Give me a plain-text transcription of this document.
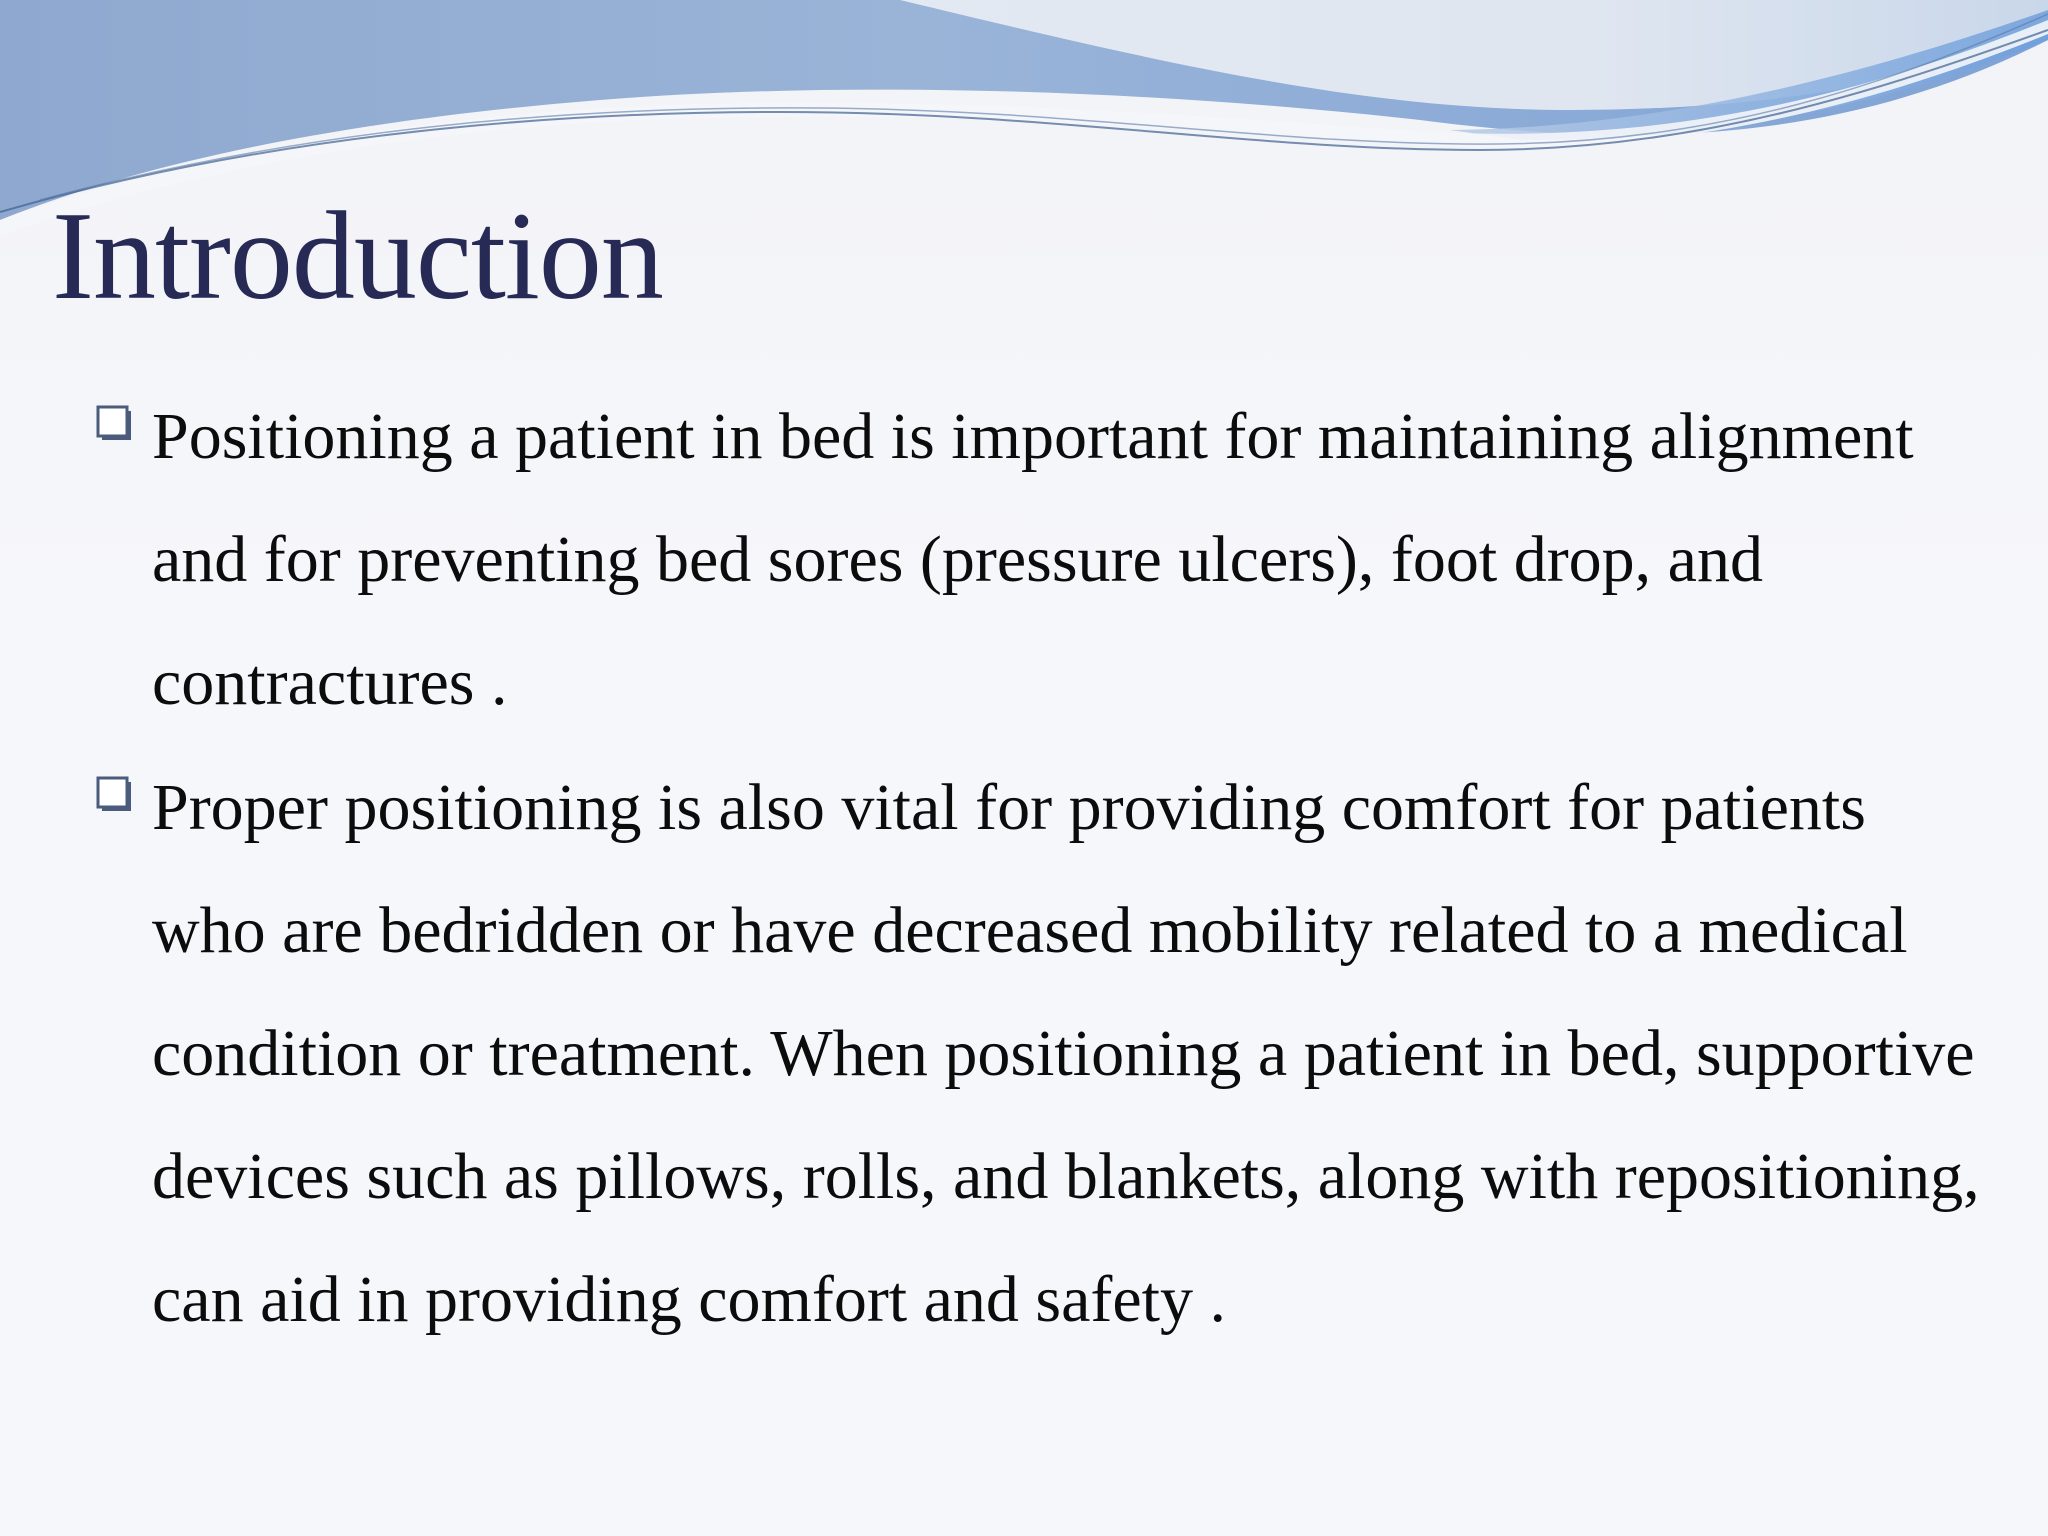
Introduction
Positioning a patient in bed is important for maintaining alignment and for preventing bed sores (pressure ulcers), foot drop, and contractures .
Proper positioning is also vital for providing comfort for patients who are bedridden or have decreased mobility related to a medical condition or treatment. When positioning a patient in bed, supportive devices such as pillows, rolls, and blankets, along with repositioning, can aid in providing comfort and safety .
